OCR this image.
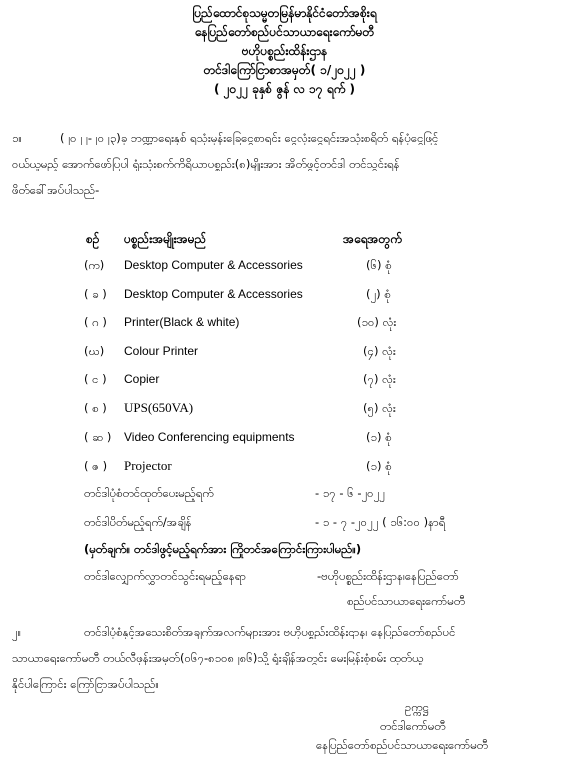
ပြည်ထောင်စုသမ္မတမြန်မာနိုင်ငံတော်အစိုးရ
နေပြည်တော်စည်ပင်သာယာရေးကော်မတီ
ဗဟိုပစ္စည်းထိန်းဌာန
တင်ဒါကြော်ငြာစာအမှတ်( ၁/၂၀၂၂ )
( ၂၀၂၂ ခုနှစ် ဇွန် လ ၁၇ ရက် )
၁။	(၂၀၂၂-၂၀၂၃)ခု ဘဏ္ဍာရေးနှစ် ရသုံးမှန်းခြေငွေစာရင်း ငွေလုံးငွေရင်းအသုံးစရိတ် ရန်ပုံငွေဖြင့်
ဝယ်ယူမည့် အောက်ဖော်ပြပါ ရုံးသုံးစက်ကိရိယာပစ္စည်း(၈)မျိုးအား အိတ်ဖွင့်တင်ဒါ တင်သွင်းရန်
ဖိတ်ခေါ်အပ်ပါသည်-
စဉ် ပစ္စည်းအမျိုးအမည်	အရေအတွက်
(က) Desktop Computer & Accessories	(၆) စုံ
( ခ ) Desktop Computer & Accessories	(၂) စုံ
( ဂ ) Printer(Black & white)	(၁၀) လုံး
(ဃ) Colour Printer	(၄) လုံး
( င ) Copier	(၇) လုံး
( စ ) UPS(650VA)	(၅) လုံး
( ဆ ) Video Conferencing equipments	(၁) စုံ
( ဇ ) Projector	(၁) စုံ
တင်ဒါပုံစံတင်ထုတ်ပေးမည့်ရက်	- ၁၇ - ၆ -၂၀၂၂
တင်ဒါပိတ်မည့်ရက်/အချိန်	- ၁ - ၇ -၂၀၂၂ ( ၁၆:၀၀ )နာရီ
(မှတ်ချက်။ တင်ဒါဖွင့်မည့်ရက်အား ကြိုတင်အကြောင်းကြားပါမည်။)
တင်ဒါလျှောက်လွှာတင်သွင်းရမည့်နေရာ	-ဗဟိုပစ္စည်းထိန်းဌာန၊နေပြည်တော်
စည်ပင်သာယာရေးကော်မတီ
၂။	တင်ဒါပုံစံနှင့်အသေးစိတ်အချက်အလက်များအား ဗဟိုပစ္စည်းထိန်းဌာန၊ နေပြည်တော်စည်ပင်
သာယာရေးကော်မတီ တယ်လီဖုန်းအမှတ်(၀၆၇-၈၁၀၈၂၈၆)သို့ ရုံးချိန်အတွင်း မေးမြန်းစုံစမ်း ထုတ်ယူ
နိုင်ပါကြောင်း ကြော်ငြာအပ်ပါသည်။
ဥက္ကဋ္ဌ
တင်ဒါကော်မတီ
နေပြည်တော်စည်ပင်သာယာရေးကော်မတီ
